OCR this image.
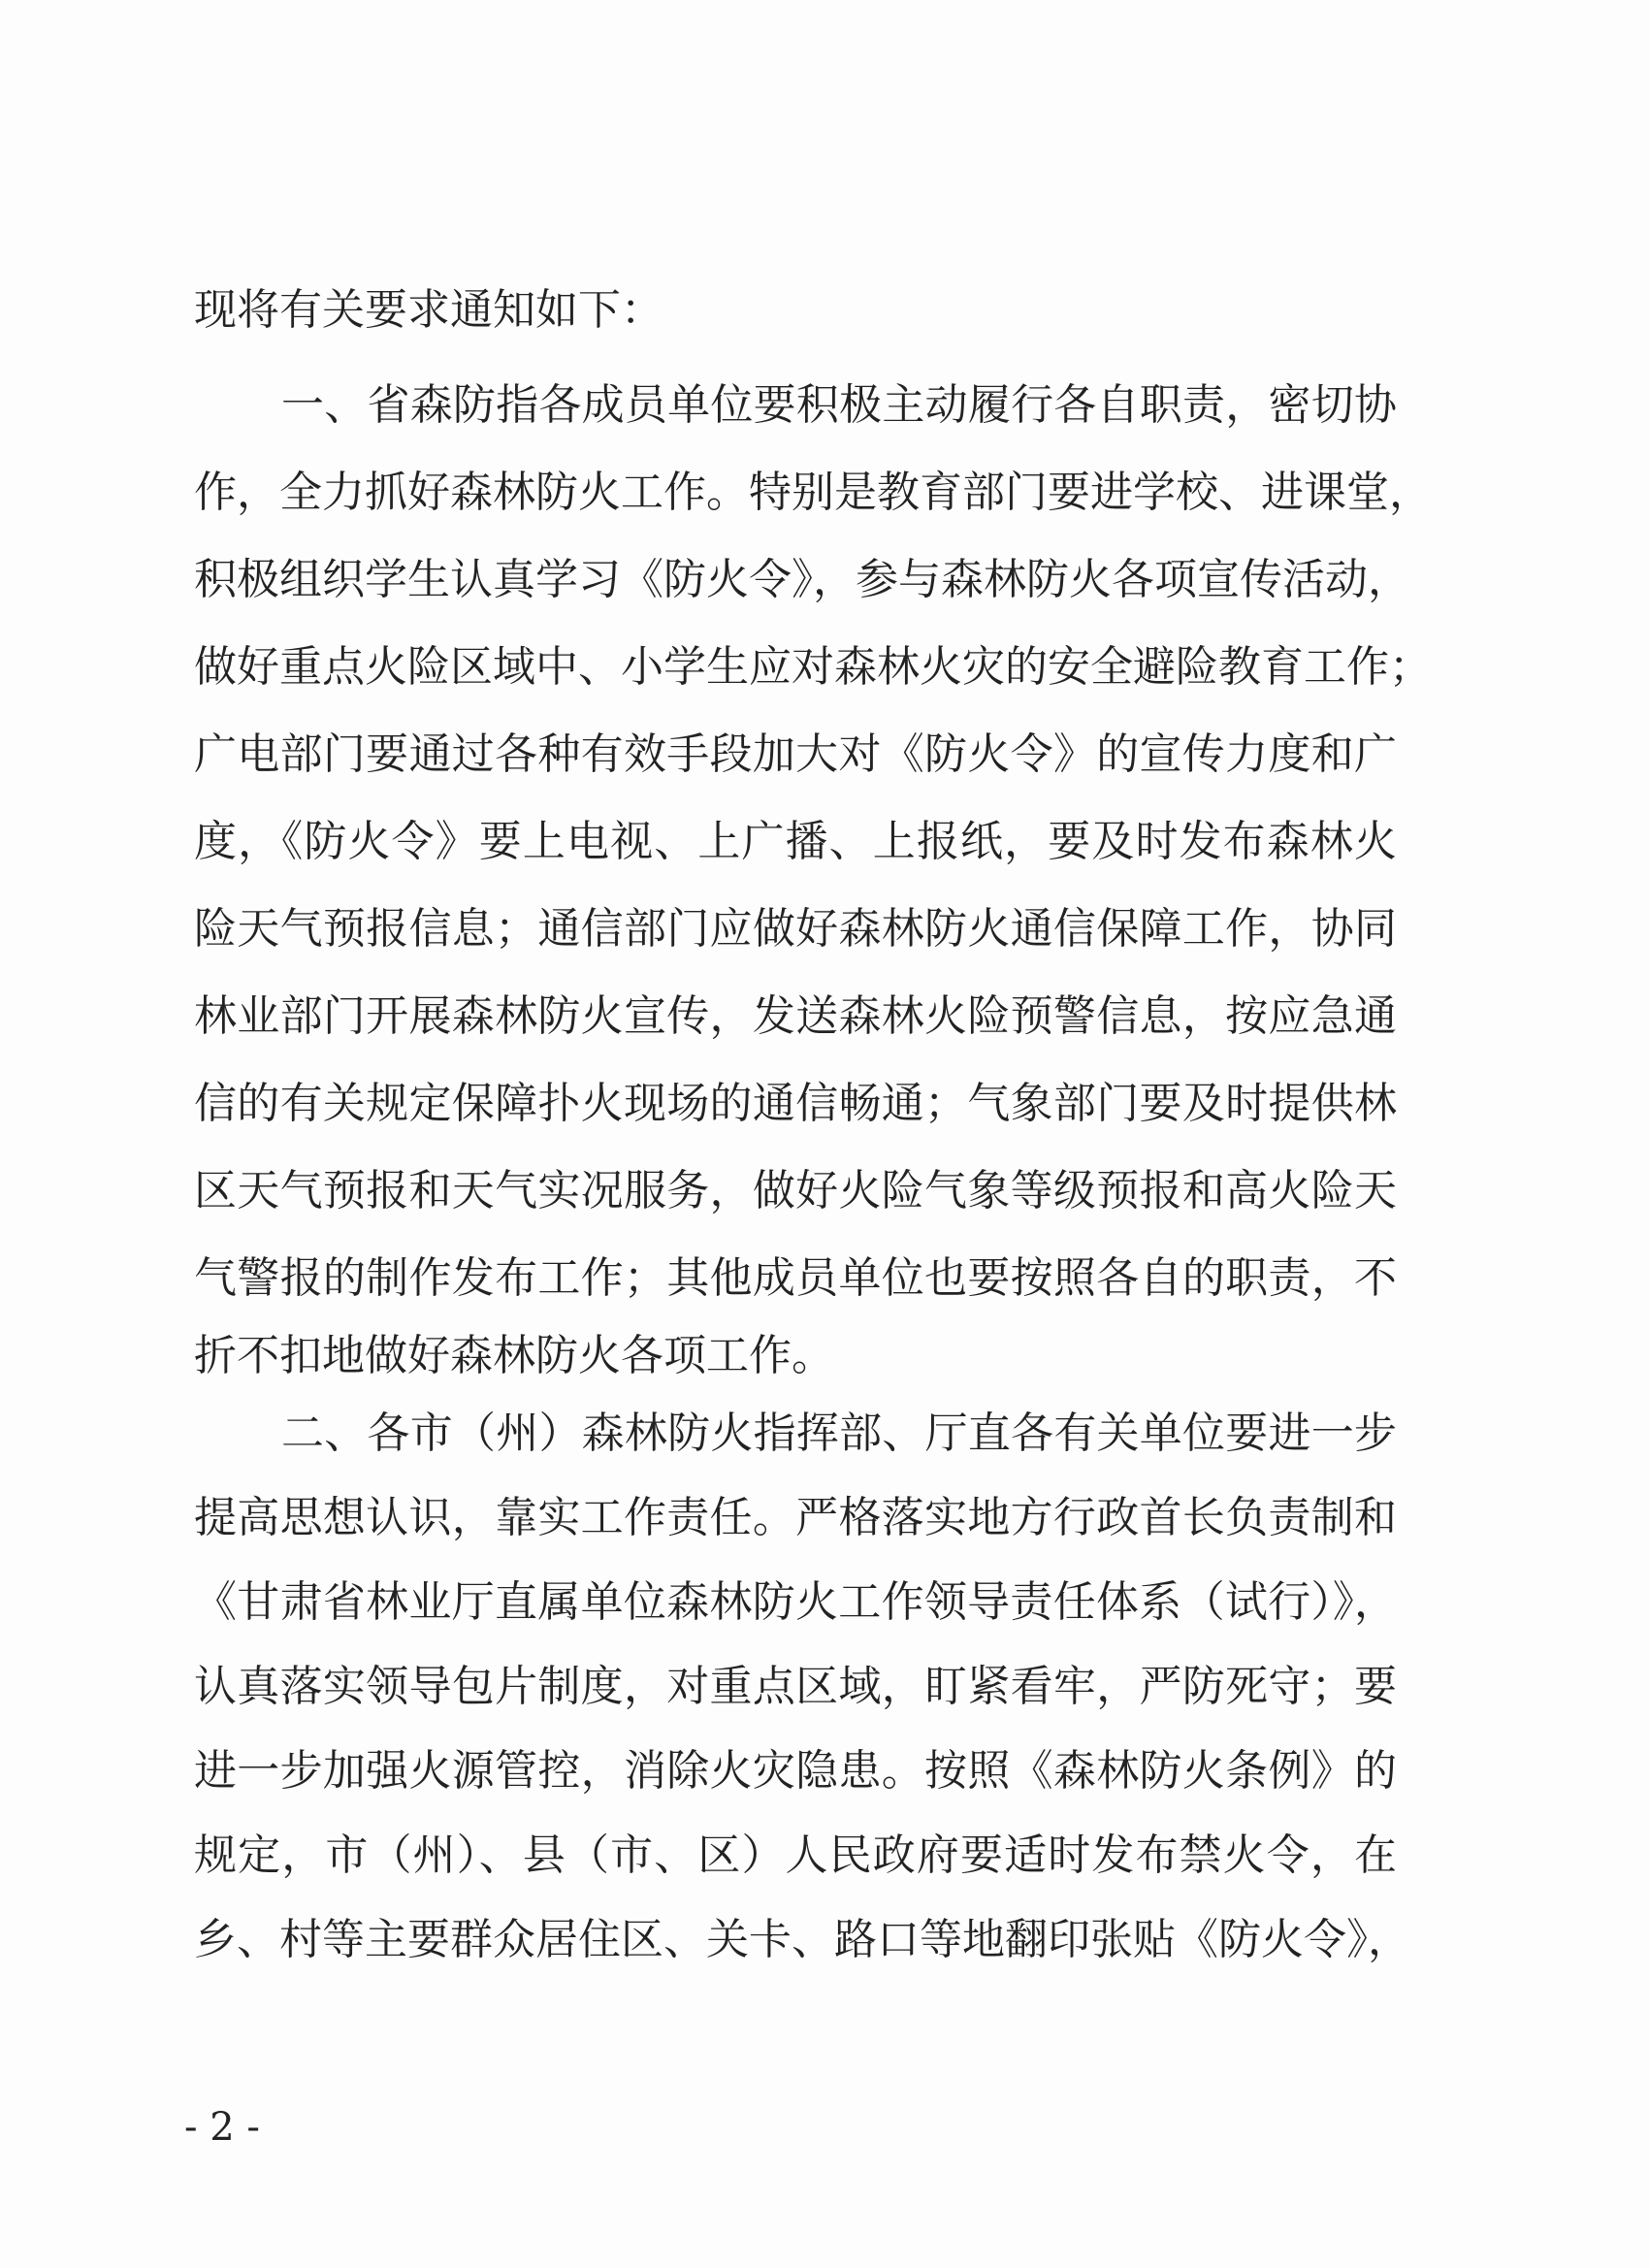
现将有关要求通知如下：
一、省森防指各成员单位要积极主动履行各自职责，密切协
作，全力抓好森林防火工作。特别是教育部门要进学校、进课堂，
积极组织学生认真学习《防火令》，参与森林防火各项宣传活动，
做好重点火险区域中、小学生应对森林火灾的安全避险教育工作；
广电部门要通过各种有效手段加大对《防火令》的宣传力度和广
度，《防火令》要上电视、上广播、上报纸，要及时发布森林火
险天气预报信息；通信部门应做好森林防火通信保障工作，协同
林业部门开展森林防火宣传，发送森林火险预警信息，按应急通
信的有关规定保障扑火现场的通信畅通；气象部门要及时提供林
区天气预报和天气实况服务，做好火险气象等级预报和高火险天
气警报的制作发布工作；其他成员单位也要按照各自的职责，不
折不扣地做好森林防火各项工作。
二、各市（州）森林防火指挥部、厅直各有关单位要进一步
提高思想认识，靠实工作责任。严格落实地方行政首长负责制和
《甘肃省林业厅直属单位森林防火工作领导责任体系（试行）》，
认真落实领导包片制度，对重点区域，盯紧看牢，严防死守；要
进一步加强火源管控，消除火灾隐患。按照《森林防火条例》的
规定，市（州）、县（市、区）人民政府要适时发布禁火令，在
乡、村等主要群众居住区、关卡、路口等地翻印张贴《防火令》，
- 2 -
